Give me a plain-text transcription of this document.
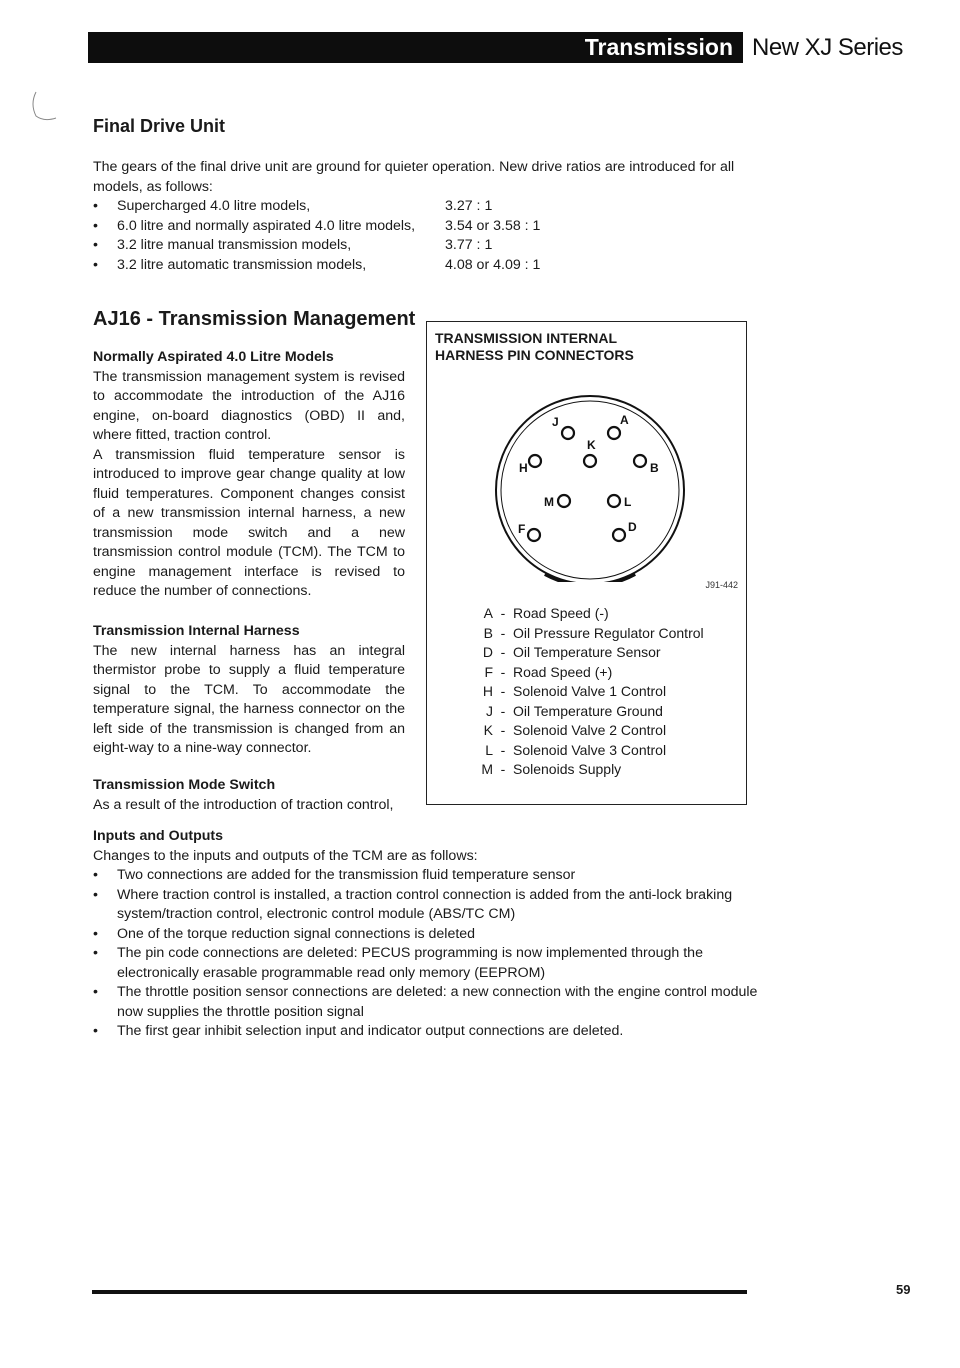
Transmission New XJ Series
Final Drive Unit

The gears of the final drive unit are ground for quieter operation. New drive ratios are introduced for all models, as follows:

• Supercharged 4.0 litre models,	3.27 : 1
• 6.0 litre and normally aspirated 4.0 litre models, 3.54 or 3.58 : 1
• 3.2 litre manual transmission models,	3.77 : 1
• 3.2 litre automatic transmission models,	4.08 or 4.09 : 1
AJ16 - Transmission Management
Normally Aspirated 4.0 Litre Models

The transmission management system is revised to accommodate the introduction of the AJ16 engine, on-board diagnostics (OBD) II and, where fitted, traction control.

A transmission fluid temperature sensor is introduced to improve gear change quality at low fluid temperatures. Component changes consist of a new transmission internal harness, a new transmission mode switch and a new transmission control module (TCM). The TCM to engine management interface is revised to reduce the number of connections.

Transmission Internal Harness

The new internal harness has an integral thermistor probe to supply a fluid temperature signal to the TCM. To accommodate the temperature signal, the harness connector on the left side of the transmission is changed from an eight-way to a nine-way connector.

Transmission Mode Switch

As a result of the introduction of traction control,

TRANSMISSION INTERNAL
HARNESS PIN CONNECTORS
J	A
K
H	B
M	L
F	D
J91-442
A - Road Speed (-)
B - Oil Pressure Regulator Control
D - Oil Temperature Sensor
F - Road Speed (+)
H - Solenoid Valve 1 Control
J - Oil Temperature Ground
K - Solenoid Valve 2 Control
L - Solenoid Valve 3 Control
M - Solenoids Supply
Inputs and Outputs

Changes to the inputs and outputs of the TCM are as follows:

• Two connections are added for the transmission fluid temperature sensor
• Where traction control is installed, a traction control connection is added from the anti-lock braking system/traction control, electronic control module (ABS/TC CM)
• One of the torque reduction signal connections is deleted
• The pin code connections are deleted: PECUS programming is now implemented through the electronically erasable programmable read only memory (EEPROM)
• The throttle position sensor connections are deleted: a new connection with the engine control module now supplies the throttle position signal
• The first gear inhibit selection input and indicator output connections are deleted.
59
